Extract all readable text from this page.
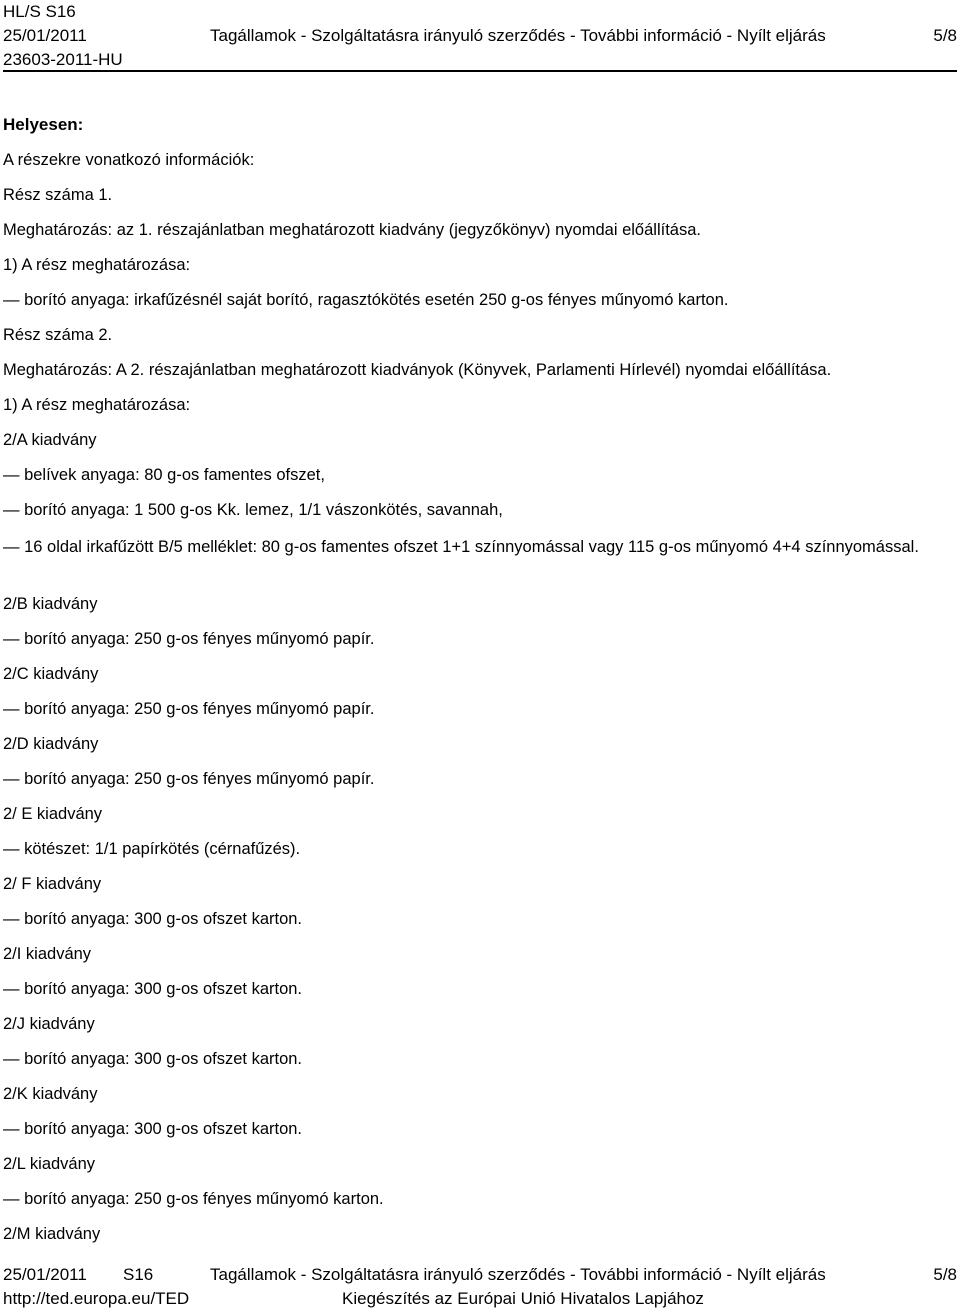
HL/S S16
25/01/2011	Tagállamok - Szolgáltatásra irányuló szerződés - További információ - Nyílt eljárás	5/8
23603-2011-HU

Helyesen:

A részekre vonatkozó információk:

Rész száma 1.

Meghatározás: az 1. részajánlatban meghatározott kiadvány (jegyzőkönyv) nyomdai előállítása.

1) A rész meghatározása:

— borító anyaga: irkafűzésnél saját borító, ragasztókötés esetén 250 g-os fényes műnyomó karton.

Rész száma 2.

Meghatározás: A 2. részajánlatban meghatározott kiadványok (Könyvek, Parlamenti Hírlevél) nyomdai előállítása.

1) A rész meghatározása:

2/A kiadvány

— belívek anyaga: 80 g-os famentes ofszet,

— borító anyaga: 1 500 g-os Kk. lemez, 1/1 vászonkötés, savannah,

— 16 oldal irkafűzött B/5 melléklet: 80 g-os famentes ofszet 1+1 színnyomással vagy 115 g-os műnyomó 4+4 színnyomással.

2/B kiadvány

— borító anyaga: 250 g-os fényes műnyomó papír.

2/C kiadvány

— borító anyaga: 250 g-os fényes műnyomó papír.

2/D kiadvány

— borító anyaga: 250 g-os fényes műnyomó papír.

2/ E kiadvány

— kötészet: 1/1 papírkötés (cérnafűzés).

2/ F kiadvány

— borító anyaga: 300 g-os ofszet karton.

2/I kiadvány

— borító anyaga: 300 g-os ofszet karton.

2/J kiadvány

— borító anyaga: 300 g-os ofszet karton.

2/K kiadvány

— borító anyaga: 300 g-os ofszet karton.

2/L kiadvány

— borító anyaga: 250 g-os fényes műnyomó karton.

2/M kiadvány

25/01/2011	S16	Tagállamok - Szolgáltatásra irányuló szerződés - További információ - Nyílt eljárás	5/8
http://ted.europa.eu/TED	Kiegészítés az Európai Unió Hivatalos Lapjához
